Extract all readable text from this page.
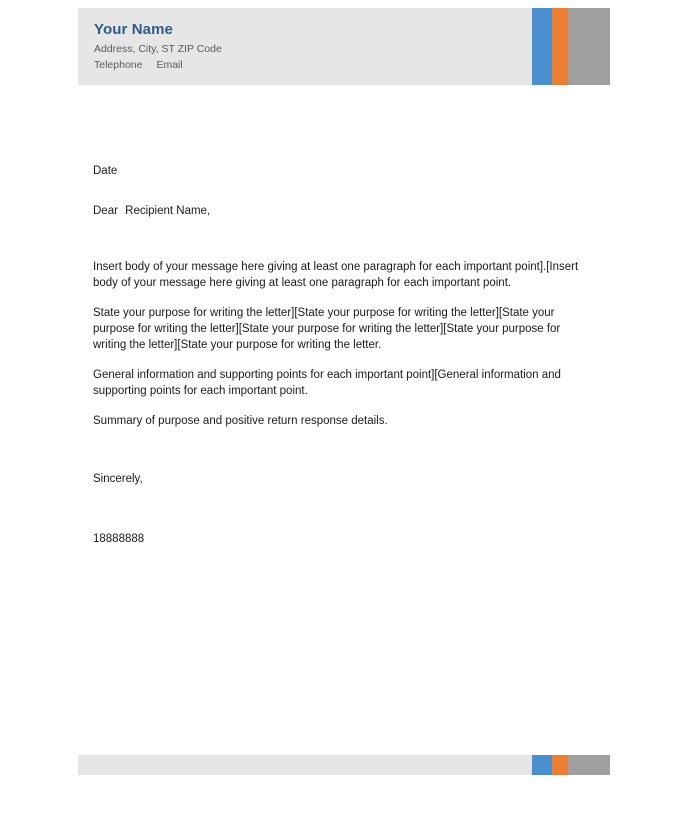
Your Name
Address, City, ST ZIP Code
Telephone Email

Date

Dear Recipient Name,

Insert body of your message here giving at least one paragraph for each important point].[Insert body of your message here giving at least one paragraph for each important point.

State your purpose for writing the letter][State your purpose for writing the letter][State your purpose for writing the letter][State your purpose for writing the letter][State your purpose for writing the letter][State your purpose for writing the letter.

General information and supporting points for each important point][General information and supporting points for each important point.

Summary of purpose and positive return response details.

Sincerely,

18888888
